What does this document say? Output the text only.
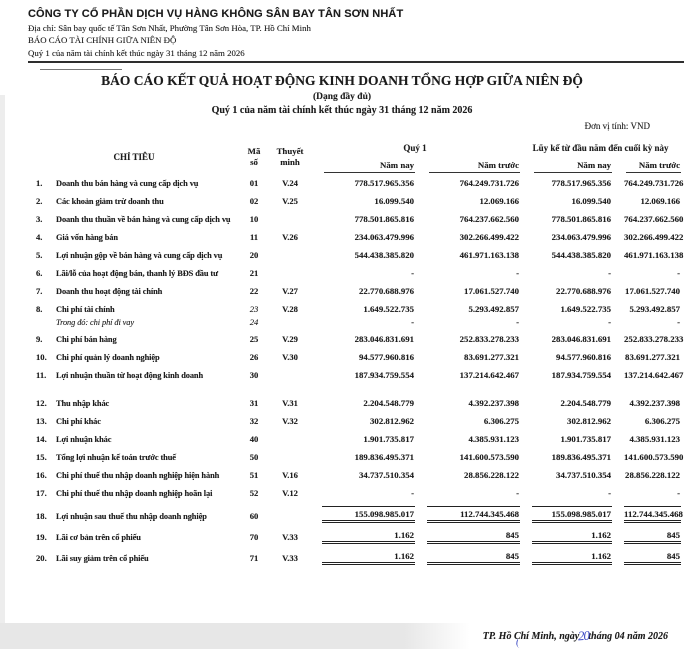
CÔNG TY CỔ PHẦN DỊCH VỤ HÀNG KHÔNG SÂN BAY TÂN SƠN NHẤT
Địa chỉ: Sân bay quốc tế Tân Sơn Nhất, Phường Tân Sơn Hòa, TP. Hồ Chí Minh
BÁO CÁO TÀI CHÍNH GIỮA NIÊN ĐỘ
Quý 1 của năm tài chính kết thúc ngày 31 tháng 12 năm 2026
BÁO CÁO KẾT QUẢ HOẠT ĐỘNG KINH DOANH TỔNG HỢP GIỮA NIÊN ĐỘ
(Dạng đầy đủ)
Quý 1 của năm tài chính kết thúc ngày 31 tháng 12 năm 2026
Đơn vị tính: VND
CHỈ TIÊU		Mã số	Thuyết minh	Quý 1		Lũy kế từ đầu năm đến cuối kỳ này	

				Năm nay	Năm trước	Năm nay	Năm trước

1.	Doanh thu bán hàng và cung cấp dịch vụ	01	V.24	778.517.965.356	764.249.731.726	778.517.965.356	764.249.731.726

2.	Các khoản giảm trừ doanh thu	02	V.25	16.099.540	12.069.166	16.099.540	12.069.166

3.	Doanh thu thuần về bán hàng và cung cấp dịch vụ	10		778.501.865.816	764.237.662.560	778.501.865.816	764.237.662.560

4.	Giá vốn hàng bán	11	V.26	234.063.479.996	302.266.499.422	234.063.479.996	302.266.499.422

5.	Lợi nhuận gộp về bán hàng và cung cấp dịch vụ	20		544.438.385.820	461.971.163.138	544.438.385.820	461.971.163.138

6.	Lãi/lỗ của hoạt động bán, thanh lý BĐS đầu tư	21		-	-	-	-

7.	Doanh thu hoạt động tài chính	22	V.27	22.770.688.976	17.061.527.740	22.770.688.976	17.061.527.740

8.	Chi phí tài chính	23	V.28	1.649.522.735	5.293.492.857	1.649.522.735	5.293.492.857

	Trong đó: chi phí đi vay	24		-	-	-	-

9.	Chi phí bán hàng	25	V.29	283.046.831.691	252.833.278.233	283.046.831.691	252.833.278.233

10.	Chi phí quản lý doanh nghiệp	26	V.30	94.577.960.816	83.691.277.321	94.577.960.816	83.691.277.321

11.	Lợi nhuận thuần từ hoạt động kinh doanh	30		187.934.759.554	137.214.642.467	187.934.759.554	137.214.642.467

12.	Thu nhập khác	31	V.31	2.204.548.779	4.392.237.398	2.204.548.779	4.392.237.398

13.	Chi phí khác	32	V.32	302.812.962	6.306.275	302.812.962	6.306.275

14.	Lợi nhuận khác	40		1.901.735.817	4.385.931.123	1.901.735.817	4.385.931.123

15.	Tổng lợi nhuận kế toán trước thuế	50		189.836.495.371	141.600.573.590	189.836.495.371	141.600.573.590

16.	Chi phí thuế thu nhập doanh nghiệp hiện hành	51	V.16	34.737.510.354	28.856.228.122	34.737.510.354	28.856.228.122

17.	Chi phí thuế thu nhập doanh nghiệp hoãn lại	52	V.12	-	-	-	-

18.	Lợi nhuận sau thuế thu nhập doanh nghiệp	60		155.098.985.017	112.744.345.468	155.098.985.017	112.744.345.468

19.	Lãi cơ bản trên cổ phiếu	70	V.33	1.162	845	1.162	845

20.	Lãi suy giảm trên cổ phiếu	71	V.33	1.162	845	1.162	845
TP. Hồ Chí Minh, ngày20tháng 04 năm 2026
